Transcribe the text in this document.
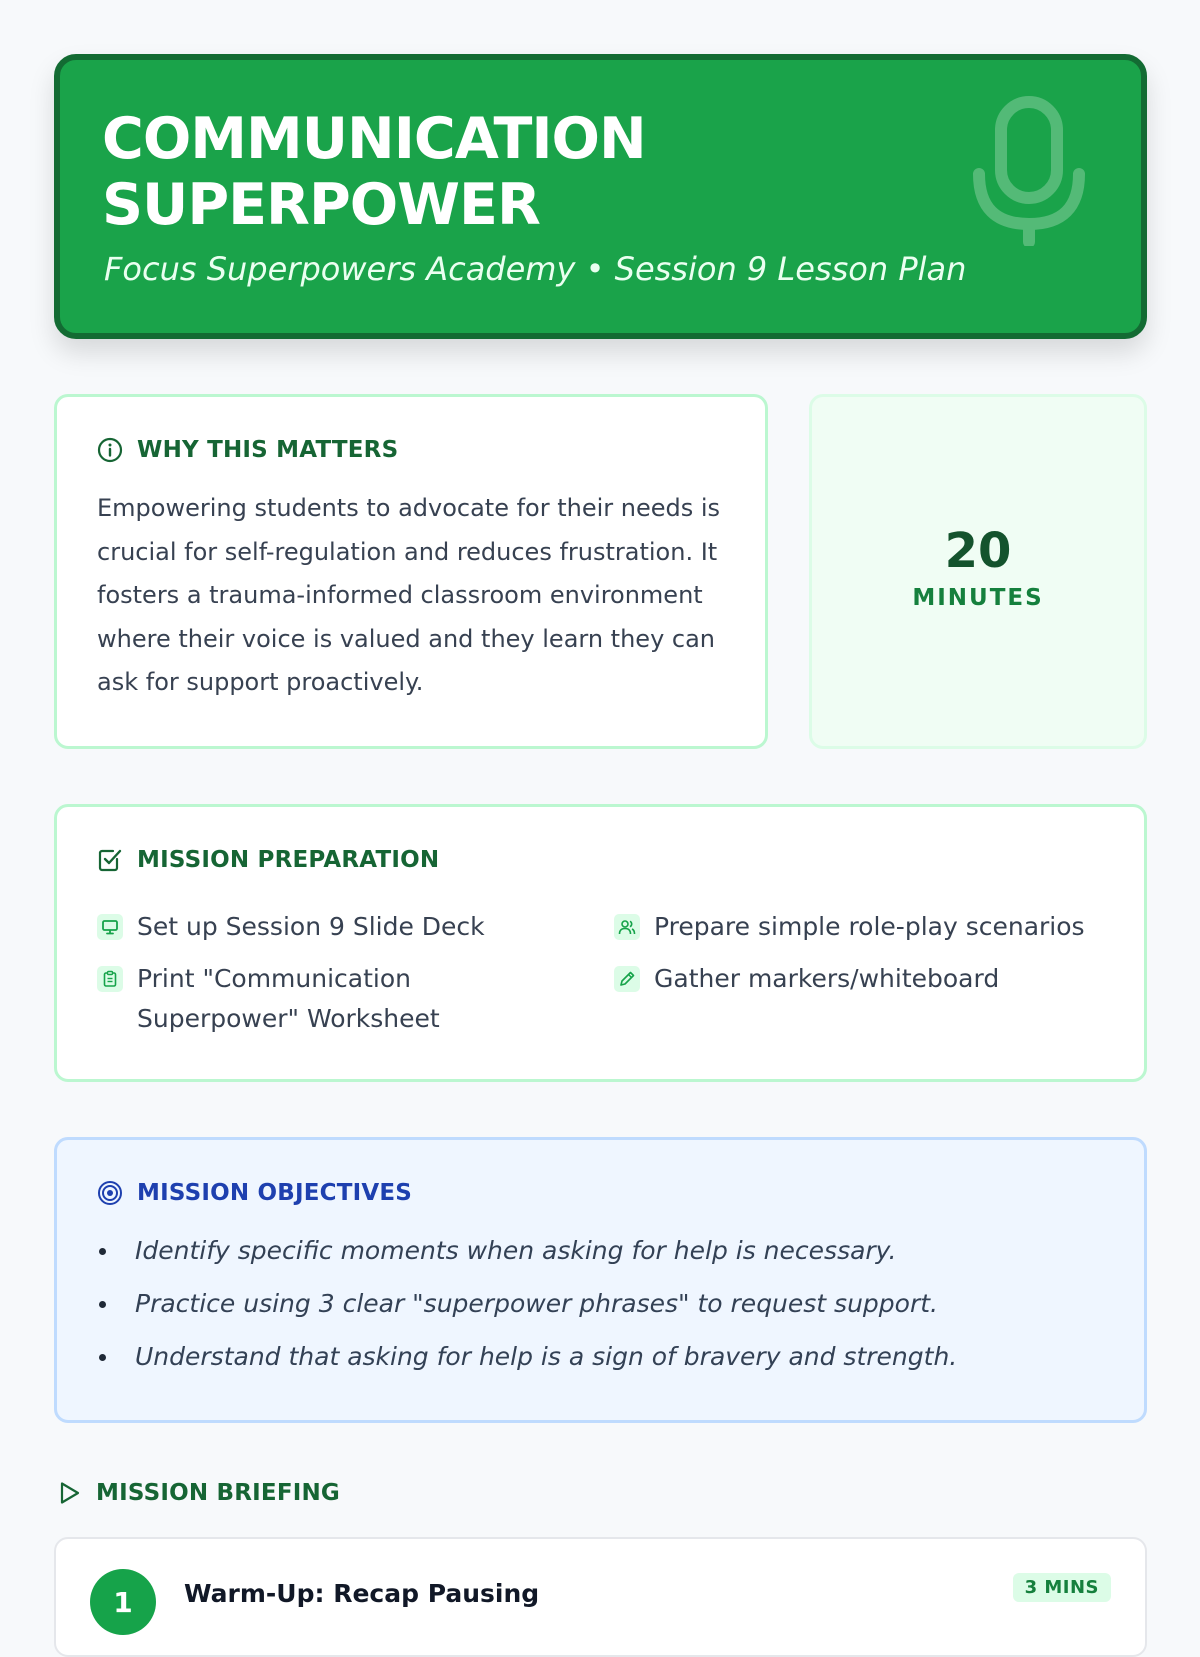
COMMUNICATION
SUPERPOWER

Focus Superpowers Academy • Session 9 Lesson Plan

WHY THIS MATTERS

Empowering students to advocate for their needs is crucial for self-regulation and reduces frustration. It fosters a trauma-informed classroom environment where their voice is valued and they learn they can ask for support proactively.

20
MINUTES
MISSION PREPARATION
Set up Session 9 Slide Deck	Prepare simple role-play scenarios
Print "Communication Superpower" Worksheet
Gather markers/whiteboard
MISSION OBJECTIVES
Identify specific moments when asking for help is necessary.
Practice using 3 clear "superpower phrases" to request support.
Understand that asking for help is a sign of bravery and strength.
MISSION BRIEFING
1	Warm-Up: Recap Pausing	3 MINS
